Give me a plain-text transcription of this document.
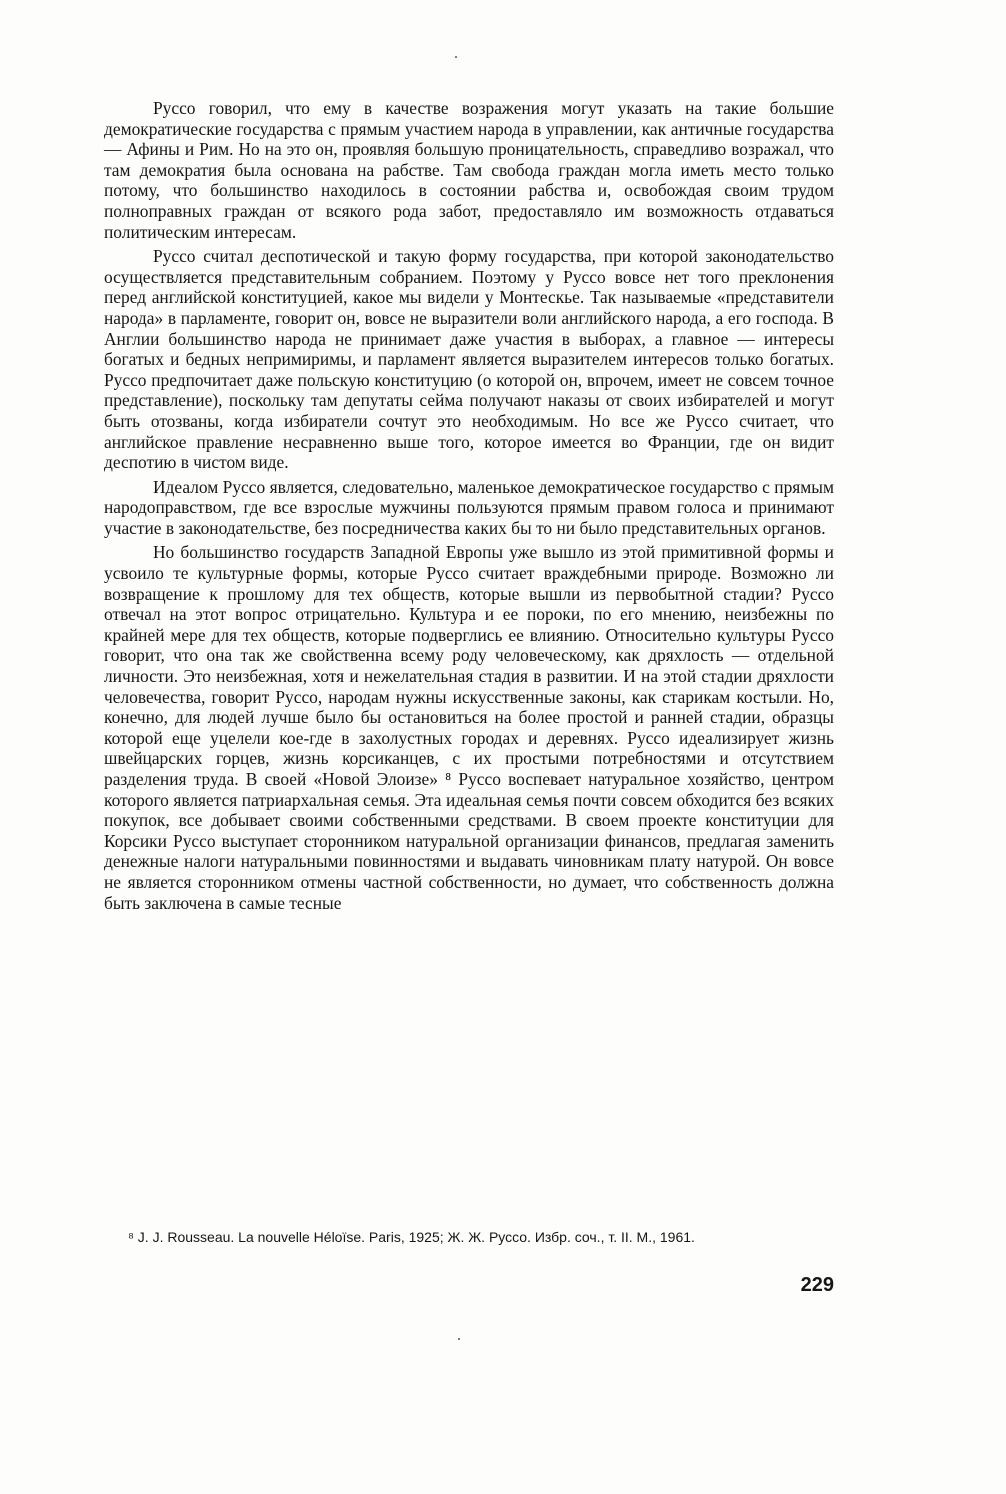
Руссо говорил, что ему в качестве возражения могут указать на такие большие демократические государства с прямым участием народа в управлении, как античные государства — Афины и Рим. Но на это он, проявляя большую проницательность, справедливо возражал, что там демократия была основана на рабстве. Там свобода граждан могла иметь место только потому, что большинство находилось в состоянии рабства и, освобождая своим трудом полноправных граждан от всякого рода забот, предоставляло им возможность отдаваться политическим интересам.

Руссо считал деспотической и такую форму государства, при которой законодательство осуществляется представительным собранием. Поэтому у Руссо вовсе нет того преклонения перед английской конституцией, какое мы видели у Монтескье. Так называемые «представители народа» в парламенте, говорит он, вовсе не выразители воли английского народа, а его господа. В Англии большинство народа не принимает даже участия в выборах, а главное — интересы богатых и бедных непримиримы, и парламент является выразителем интересов только богатых. Руссо предпочитает даже польскую конституцию (о которой он, впрочем, имеет не совсем точное представление), поскольку там депутаты сейма получают наказы от своих избирателей и могут быть отозваны, когда избиратели сочтут это необходимым. Но все же Руссо считает, что английское правление несравненно выше того, которое имеется во Франции, где он видит деспотию в чистом виде.

Идеалом Руссо является, следовательно, маленькое демократическое государство с прямым народоправством, где все взрослые мужчины пользуются прямым правом голоса и принимают участие в законодательстве, без посредничества каких бы то ни было представительных органов.

Но большинство государств Западной Европы уже вышло из этой примитивной формы и усвоило те культурные формы, которые Руссо считает враждебными природе. Возможно ли возвращение к прошлому для тех обществ, которые вышли из первобытной стадии? Руссо отвечал на этот вопрос отрицательно. Культура и ее пороки, по его мнению, неизбежны по крайней мере для тех обществ, которые подверглись ее влиянию. Относительно культуры Руссо говорит, что она так же свойственна всему роду человеческому, как дряхлость — отдельной личности. Это неизбежная, хотя и нежелательная стадия в развитии. И на этой стадии дряхлости человечества, говорит Руссо, народам нужны искусственные законы, как старикам костыли. Но, конечно, для людей лучше было бы остановиться на более простой и ранней стадии, образцы которой еще уцелели кое-где в захолустных городах и деревнях. Руссо идеализирует жизнь швейцарских горцев, жизнь корсиканцев, с их простыми потребностями и отсутствием разделения труда. В своей «Новой Элоизе» ⁸ Руссо воспевает натуральное хозяйство, центром которого является патриархальная семья. Эта идеальная семья почти совсем обходится без всяких покупок, все добывает своими собственными средствами. В своем проекте конституции для Корсики Руссо выступает сторонником натуральной организации финансов, предлагая заменить денежные налоги натуральными повинностями и выдавать чиновникам плату натурой. Он вовсе не является сторонником отмены частной собственности, но думает, что собственность должна быть заключена в самые тесные

⁸ J. J. Rousseau. La nouvelle Héloïse. Paris, 1925; Ж. Ж. Руссо. Избр. соч., т. II. М., 1961.

229
